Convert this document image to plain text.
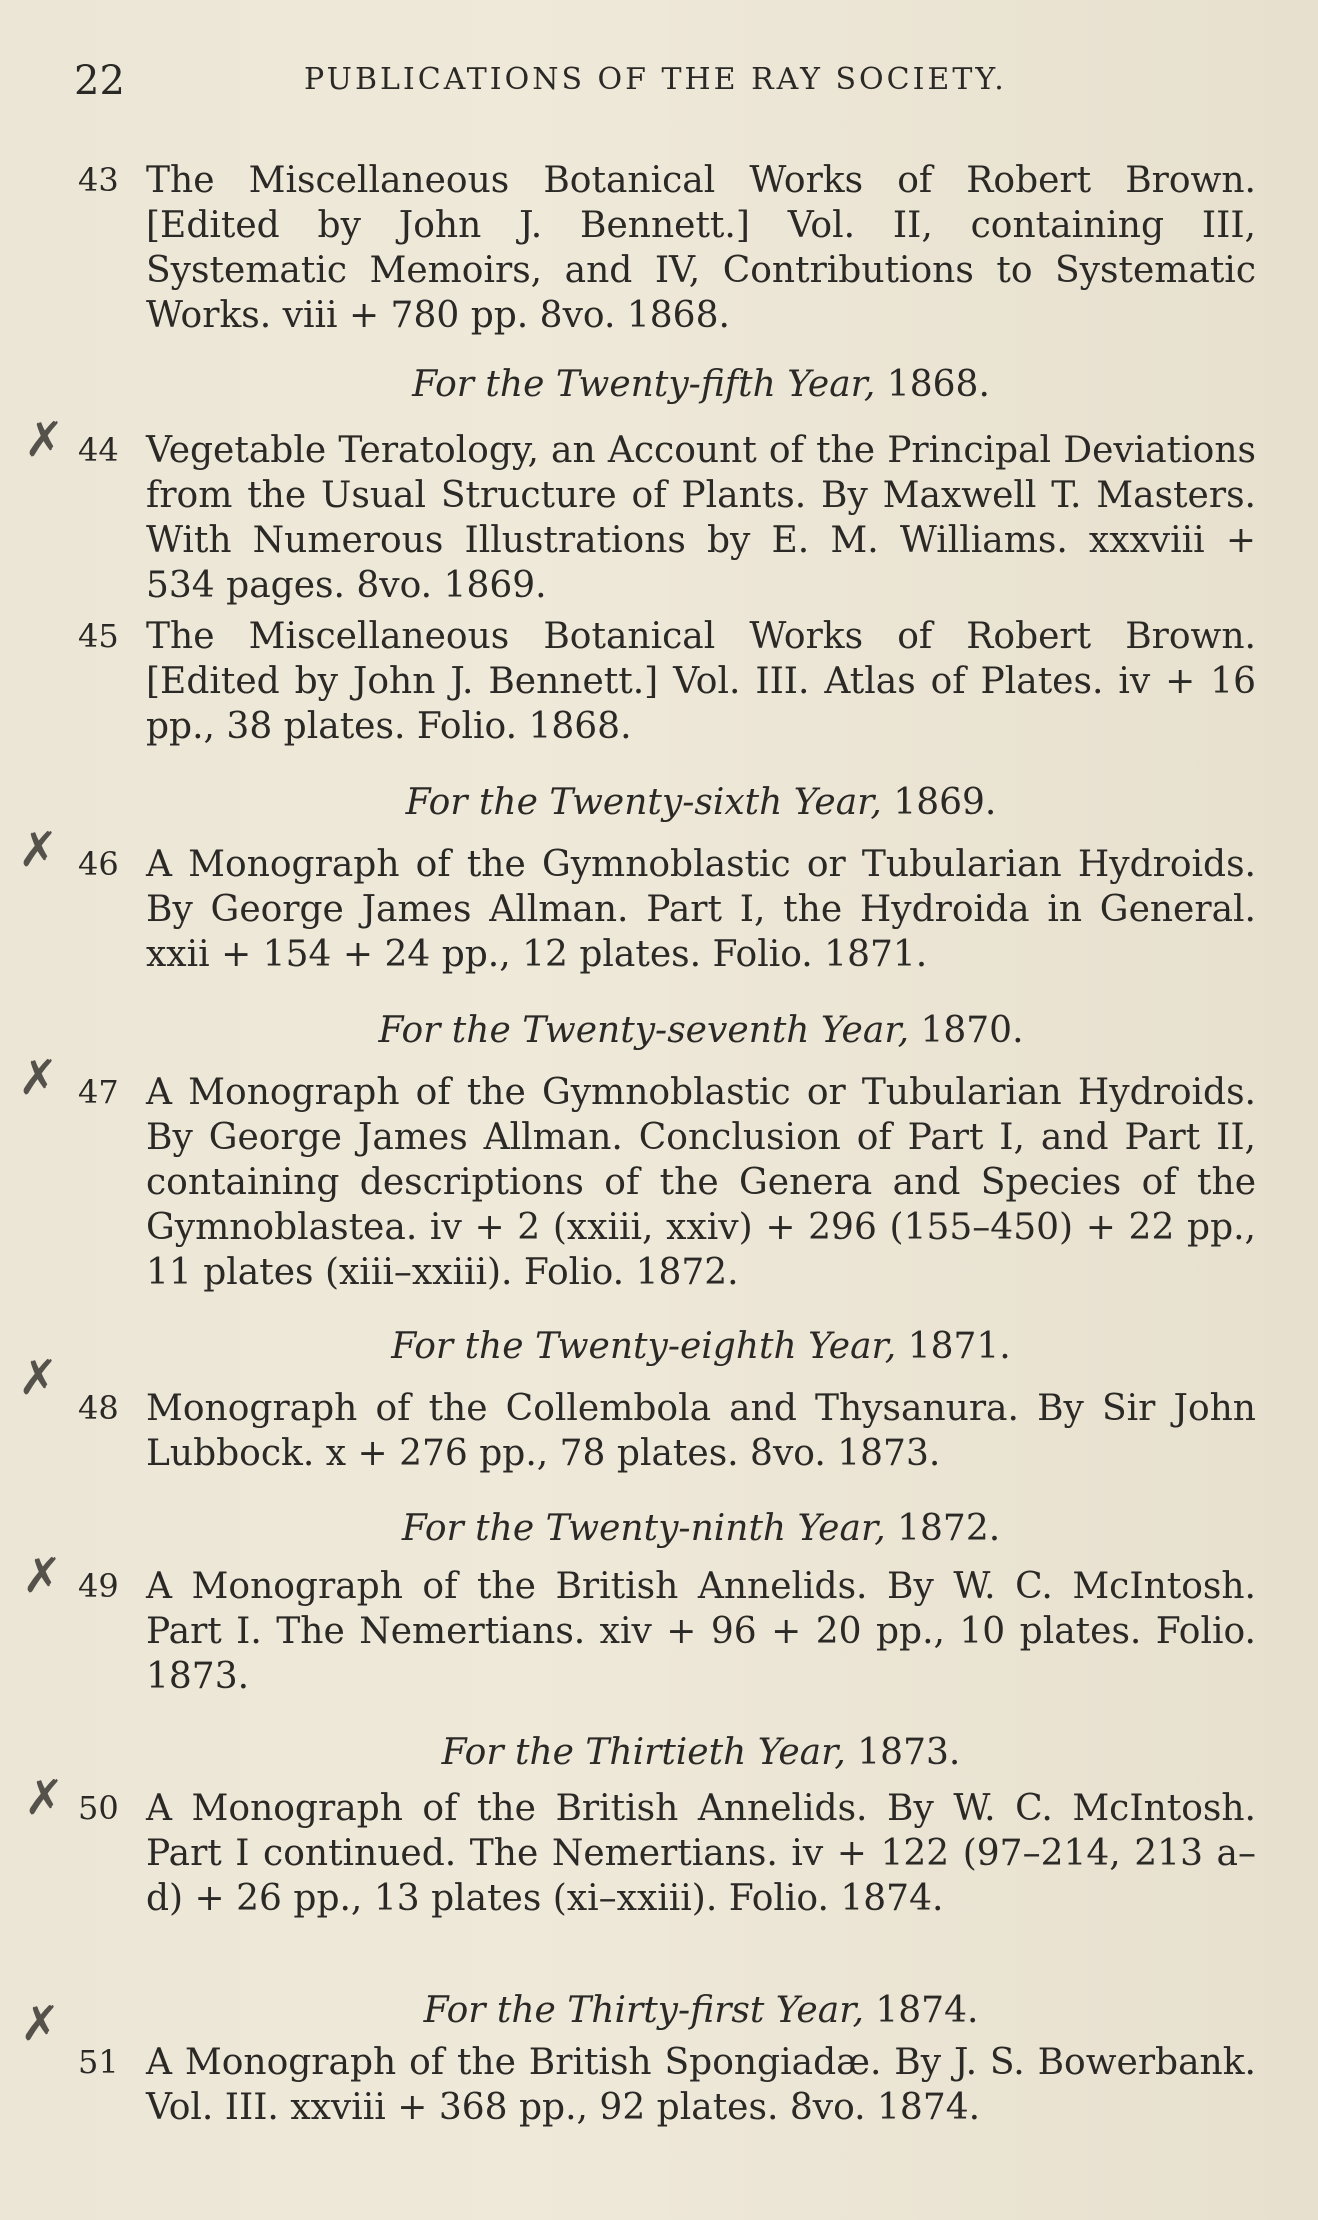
22	PUBLICATIONS OF THE RAY SOCIETY.
43 The Miscellaneous Botanical Works of Robert Brown. [Edited by John J. Bennett.] Vol. II, containing III, Systematic Memoirs, and IV, Contributions to Systematic Works. viii + 780 pp. 8vo. 1868.
For the Twenty-fifth Year, 1868.
44 Vegetable Teratology, an Account of the Principal Deviations from the Usual Structure of Plants. By Maxwell T. Masters. With Numerous Illustrations by E. M. Williams. xxxviii + 534 pages. 8vo. 1869.
45 The Miscellaneous Botanical Works of Robert Brown. [Edited by John J. Bennett.] Vol. III. Atlas of Plates. iv + 16 pp., 38 plates. Folio. 1868.
For the Twenty-sixth Year, 1869.
46 A Monograph of the Gymnoblastic or Tubularian Hydroids. By George James Allman. Part I, the Hydroida in General. xxii + 154 + 24 pp., 12 plates. Folio. 1871.
For the Twenty-seventh Year, 1870.
47 A Monograph of the Gymnoblastic or Tubularian Hydroids. By George James Allman. Conclusion of Part I, and Part II, containing descriptions of the Genera and Species of the Gymnoblastea. iv + 2 (xxiii, xxiv) + 296 (155–450) + 22 pp., 11 plates (xiii–xxiii). Folio. 1872.
For the Twenty-eighth Year, 1871.
48 Monograph of the Collembola and Thysanura. By Sir John Lubbock. x + 276 pp., 78 plates. 8vo. 1873.
For the Twenty-ninth Year, 1872.
49 A Monograph of the British Annelids. By W. C. McIntosh. Part I. The Nemertians. xiv + 96 + 20 pp., 10 plates. Folio. 1873.
For the Thirtieth Year, 1873.
50 A Monograph of the British Annelids. By W. C. McIntosh. Part I continued. The Nemertians. iv + 122 (97–214, 213 a–d) + 26 pp., 13 plates (xi–xxiii). Folio. 1874.
For the Thirty-first Year, 1874.
51 A Monograph of the British Spongiadæ. By J. S. Bowerbank. Vol. III. xxviii + 368 pp., 92 plates. 8vo. 1874.
✗
✗
✗
✗
✗
✗
✗
